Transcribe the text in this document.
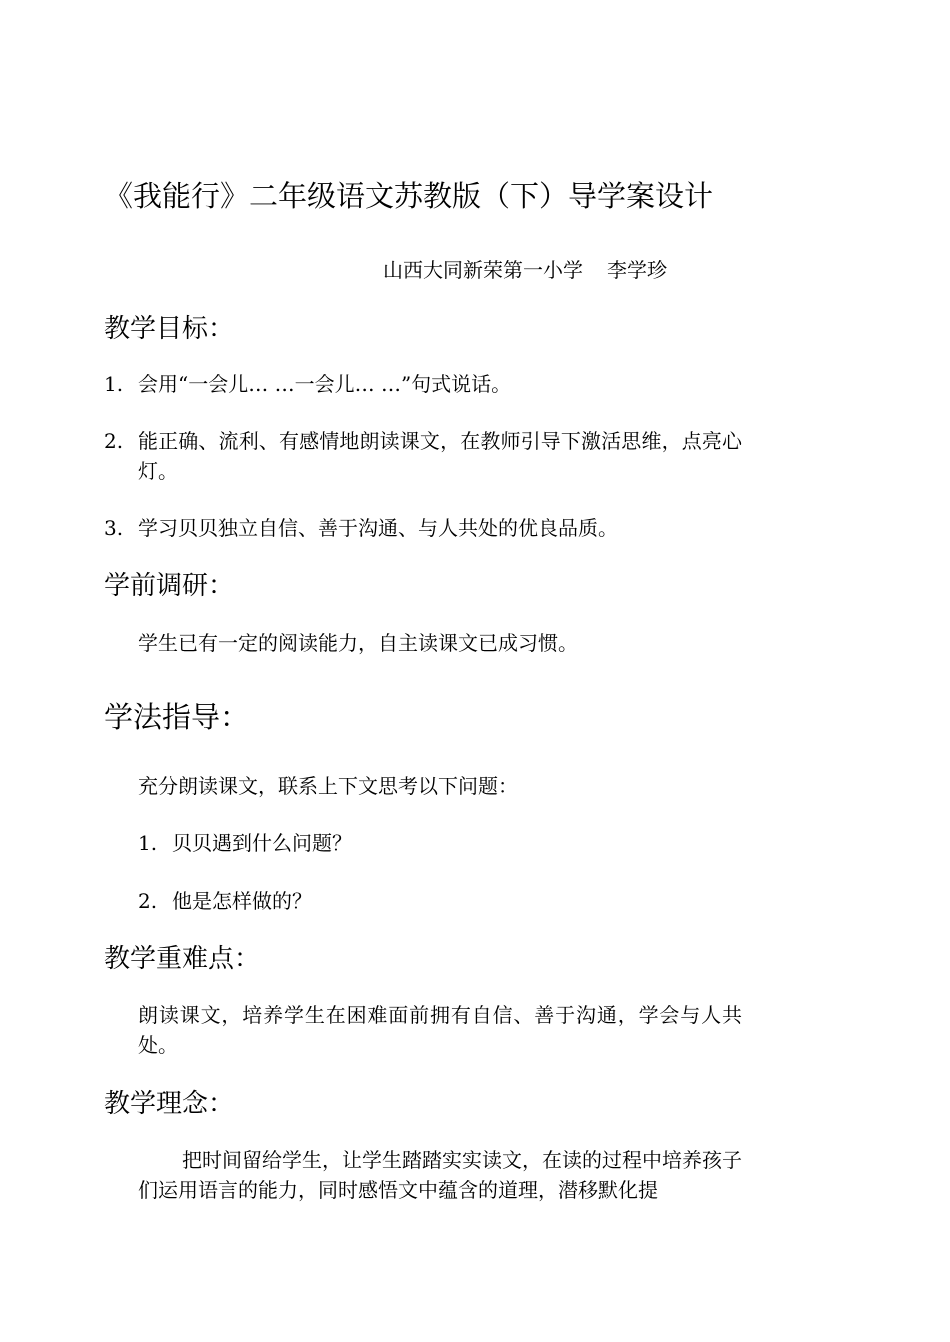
《我能行》二年级语文苏教版（下）导学案设计
山西大同新荣第一小学 李学珍
教学目标：
1. 会用“一会儿… …一会儿… …”句式说话。
2. 能正确、流利、有感情地朗读课文，在教师引导下激活思维，点亮心灯。
3. 学习贝贝独立自信、善于沟通、与人共处的优良品质。
学前调研：
学生已有一定的阅读能力，自主读课文已成习惯。
学法指导：
充分朗读课文，联系上下文思考以下问题：
1. 贝贝遇到什么问题？
2. 他是怎样做的？
教学重难点：
朗读课文，培养学生在困难面前拥有自信、善于沟通，学会与人共处。
教学理念：
把时间留给学生，让学生踏踏实实读文，在读的过程中培养孩子们运用语言的能力，同时感悟文中蕴含的道理，潜移默化提
